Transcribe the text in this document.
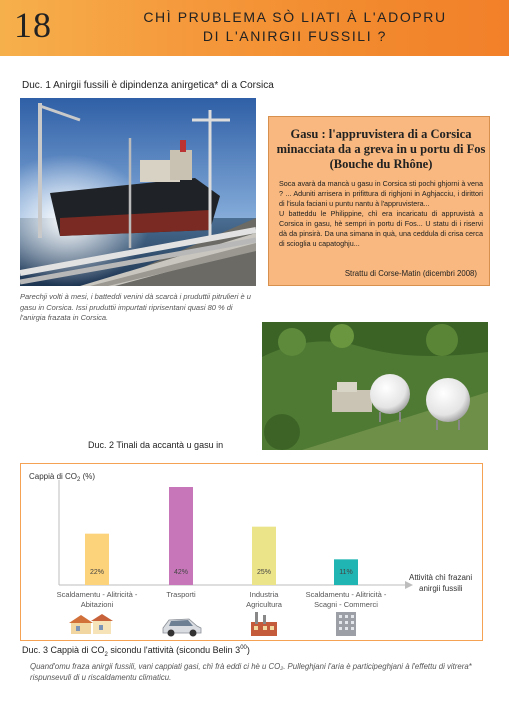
18	CHÌ PRUBLEMA SÒ LIATI À L'ADOPRU
DI L'ANIRGII FUSSILI ?
Duc. 1 Anirgii fussili è dipindenza anirgetica* di a Corsica
Parechji volti à mesi, i batteddi venini dà scarcà i pruduttii pitrulieri è u gasu in Corsica. Issi pruduttii impurtati riprisentani quasi 80 % di l'anirgia frazata in Corsica.
Gasu : l'appruvistera di a Corsica minacciata da a greva in u portu di Fos (Bouche du Rhône)
Soca avarà da mancà u gasu in Corsica sti pochi ghjorni à vena ? ... Aduniti arrisera in prifittura di righjoni in Aghjacciu, i dirittori di l'isula faciani u puntu nantu à l'appruvistera...
U batteddu le Philippine, chì era incaricatu di appruvistà a Corsica in gasu, hè sempri in portu di Fos... U statu di i riservi dà da pinsirà. Da una simana in quà, una ceddula di crisa cerca di scioglia u capatoghju...
Strattu di Corse-Matin (dicembri 2008)
Duc. 2 Tinali da accantà u gasu in
Cappià di $CO_2$ (%)
Attività chì frazani
anirgii fussili
22%	42%	25%	11%
Scaldamentu - Alitricità -
Abitazioni
Trasporti	Industria
Agricultura
Scaldamentu - Alitricità -
Scagni - Commerci
Duc. 3 Cappià di $CO_2$ sicondu l'attività (sicondu Belin $3^{00}$)
Quand'omu fraza anirgii fussili, vani cappiati gasi, chì frà eddi ci hè u CO₂. Pulleghjani l'aria è participeghjani à l'effettu di vitrera* rispunsevuli di u riscaldamentu climaticu.
